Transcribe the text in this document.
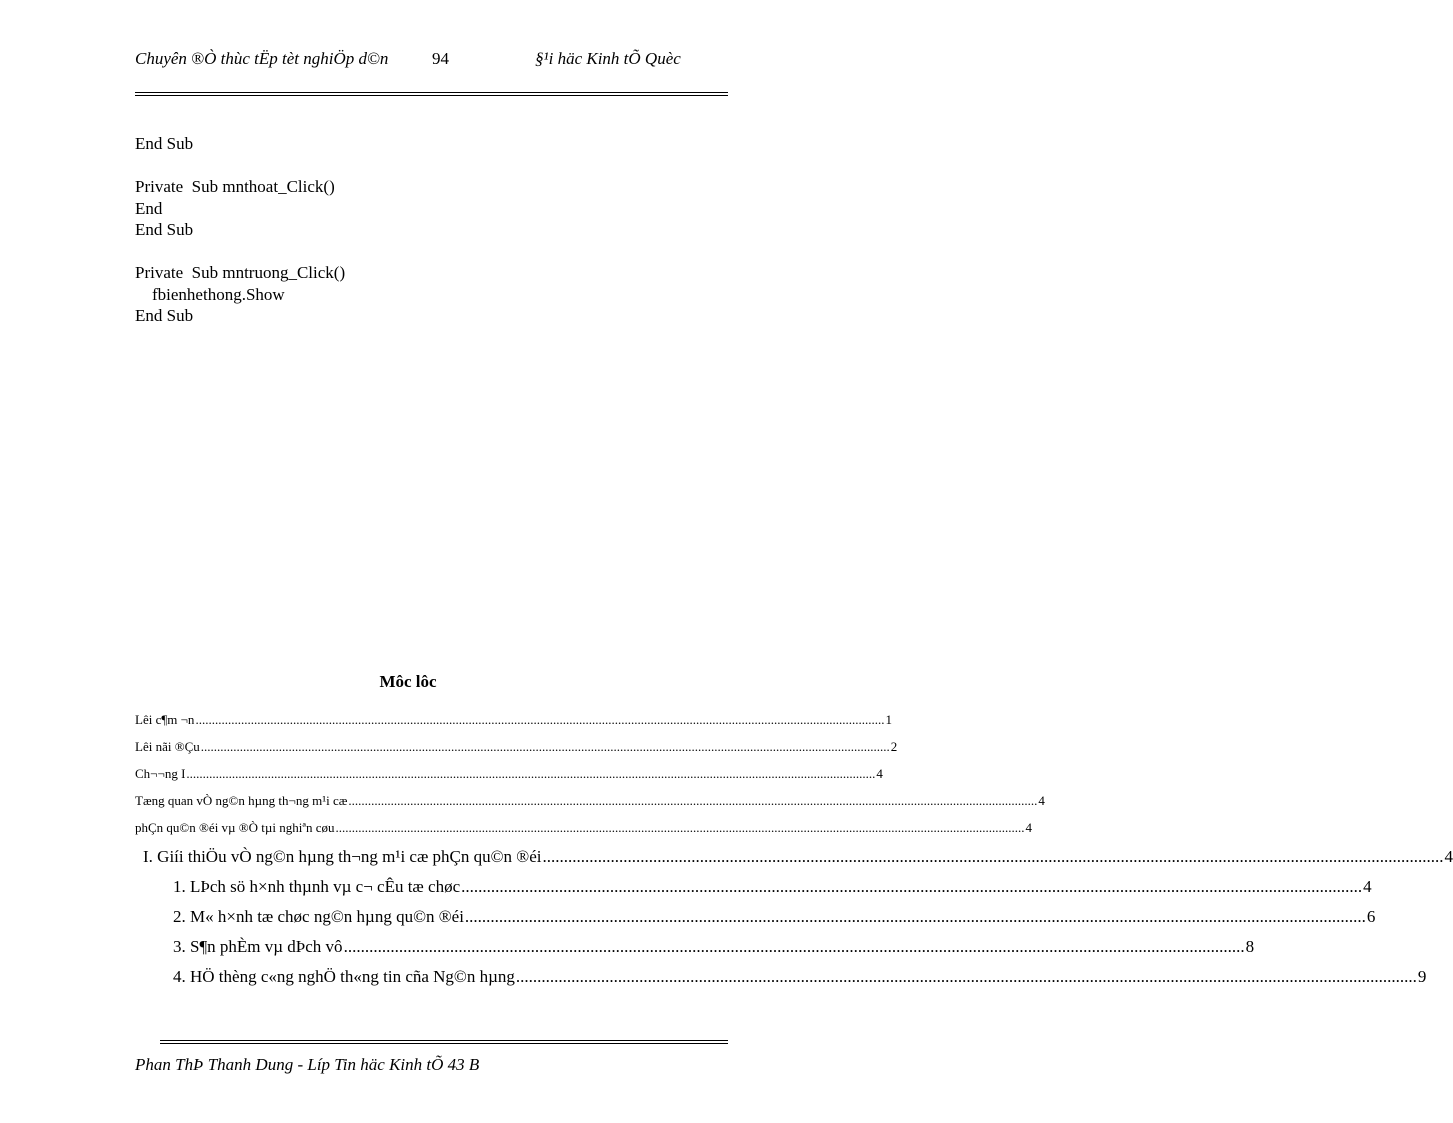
Chuyên ®Ò thùc tËp tèt nghiÖp d©n	94	§¹i häc Kinh tÕ Quèc
End Sub
Private  Sub mnthoat_Click()
End
End Sub
Private  Sub mntruong_Click()
fbienhethong.Show
End Sub
Môc lôc
Lêi c¶m ¬n .................................................................................................................................................................................................................... 1
Lêi nãi ®Çu .................................................................................................................................................................................................................... 2
Ch¬¬ng I .................................................................................................................................................................................................................... 4
Tæng quan vÒ ng©n hµng th¬ng m¹i cæ .................................................................................................................................................................................................................... 4
phÇn qu©n ®éi vµ ®Ò tµi nghiªn cøu .................................................................................................................................................................................................................... 4
I. Giíi thiÖu vÒ ng©n hµng th¬ng m¹i cæ phÇn qu©n ®éi .................................................................................................................................................................................................................... 4
1. LÞch sö h×nh thµnh vµ c¬ cÊu tæ chøc .................................................................................................................................................................................................................... 4
2. M« h×nh tæ chøc ng©n hµng qu©n ®éi .................................................................................................................................................................................................................... 6
3. S¶n phÈm vµ dÞch vô .................................................................................................................................................................................................................... 8
4. HÖ thèng c«ng nghÖ th«ng tin cña Ng©n hµng .................................................................................................................................................................................................................... 9
Phan ThÞ Thanh Dung - Líp Tin häc Kinh tÕ 43 B
